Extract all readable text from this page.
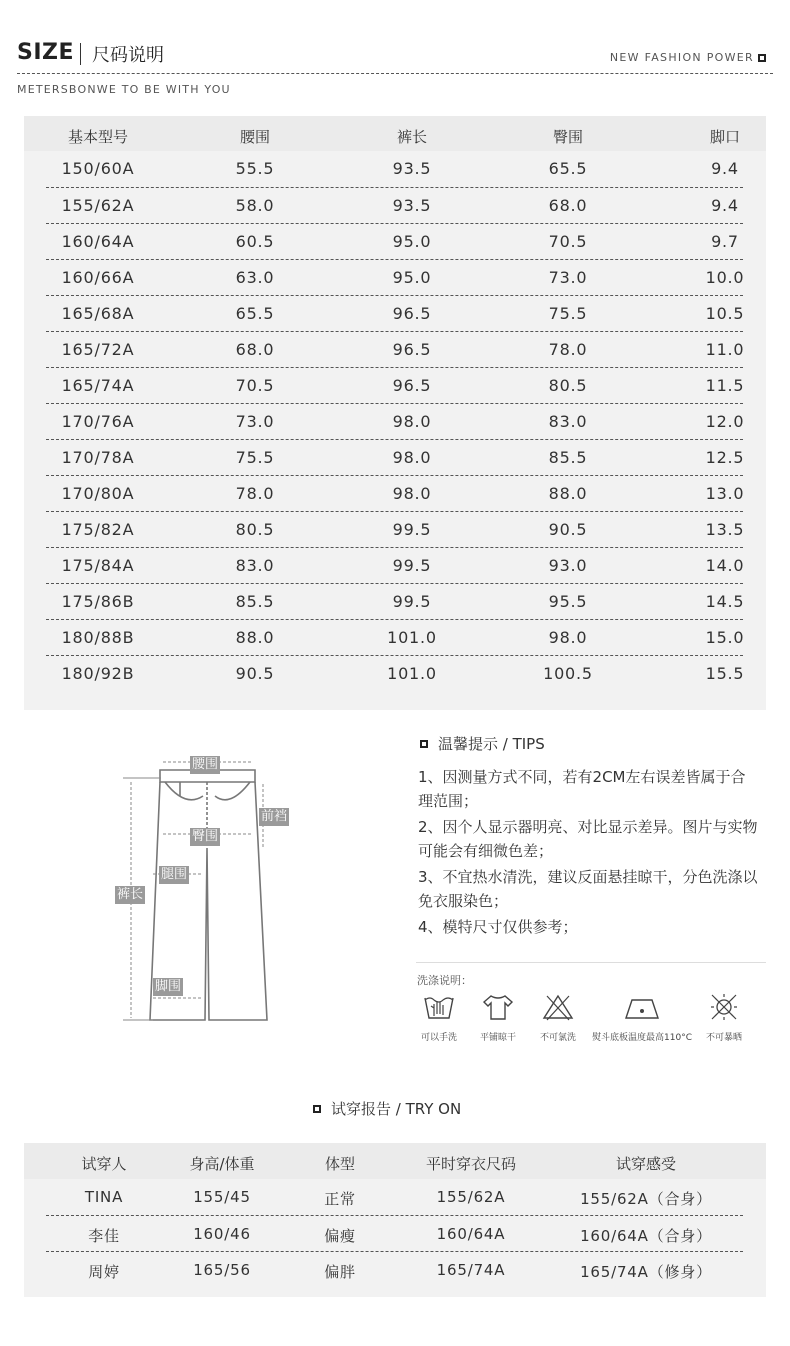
SIZE 尺码说明	NEW FASHION POWER
METERSBONWE TO BE WITH YOU
基本型号	腰围	裤长	臀围	脚口
150/60A	55.5	93.5	65.5	9.4
155/62A	58.0	93.5	68.0	9.4
160/64A	60.5	95.0	70.5	9.7
160/66A	63.0	95.0	73.0	10.0
165/68A	65.5	96.5	75.5	10.5
165/72A	68.0	96.5	78.0	11.0
165/74A	70.5	96.5	80.5	11.5
170/76A	73.0	98.0	83.0	12.0
170/78A	75.5	98.0	85.5	12.5
170/80A	78.0	98.0	88.0	13.0
175/82A	80.5	99.5	90.5	13.5
175/84A	83.0	99.5	93.0	14.0
175/86B	85.5	99.5	95.5	14.5
180/88B	88.0	101.0	98.0	15.0
180/92B	90.5	101.0	100.5	15.5
腰围
前裆
臀围
腿围
裤长
脚围
温馨提示 / TIPS

1、因测量方式不同，若有2CM左右误差皆属于合理范围；

2、因个人显示器明亮、对比显示差异。图片与实物可能会有细微色差；

3、不宜热水清洗，建议反面悬挂晾干，分色洗涤以免衣服染色；

4、模特尺寸仅供参考；

洗涤说明：
可以手洗	平铺晾干	不可氯洗	熨斗底板温度最高110°C	不可暴晒
试穿报告 / TRY ON
试穿人	身高/体重	体型	平时穿衣尺码	试穿感受
TINA	155/45	正常	155/62A	155/62A（合身）
李佳	160/46	偏瘦	160/64A	160/64A（合身）
周婷	165/56	偏胖	165/74A	165/74A（修身）
